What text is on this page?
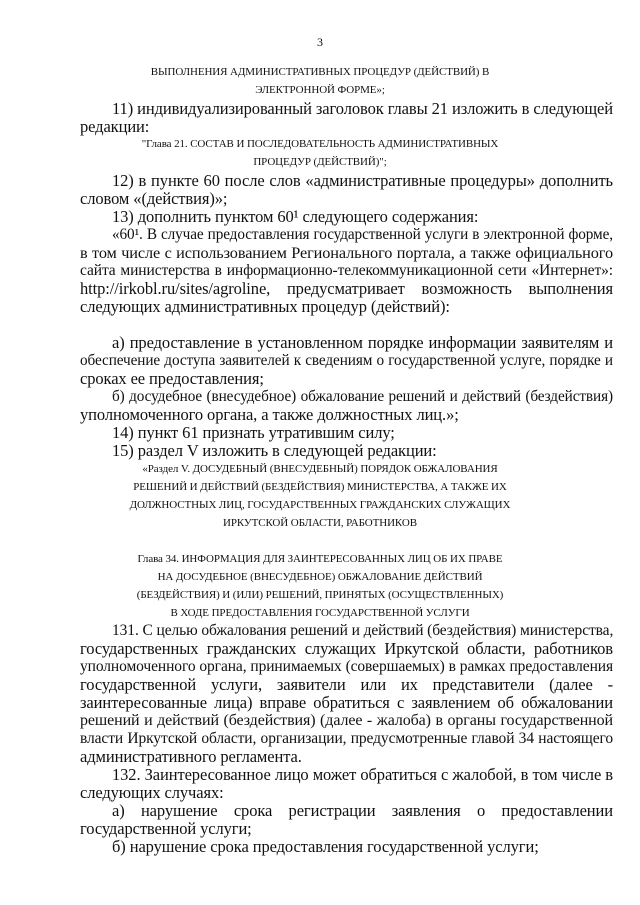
3
ВЫПОЛНЕНИЯ АДМИНИСТРАТИВНЫХ ПРОЦЕДУР (ДЕЙСТВИЙ) В
ЭЛЕКТРОННОЙ ФОРМЕ»;
11) индивидуализированный заголовок главы 21 изложить в следующей
редакции:
"Глава 21. СОСТАВ И ПОСЛЕДОВАТЕЛЬНОСТЬ АДМИНИСТРАТИВНЫХ
ПРОЦЕДУР (ДЕЙСТВИЙ)";
12) в пункте 60 после слов «административные процедуры» дополнить
словом «(действия)»;
13) дополнить пунктом 60¹ следующего содержания:
«60¹. В случае предоставления государственной услуги в электронной форме,
в том числе с использованием Регионального портала, а также официального
сайта министерства в информационно-телекоммуникационной сети «Интернет»:
http://irkobl.ru/sites/agroline, предусматривает возможность выполнения
следующих административных процедур (действий):
а) предоставление в установленном порядке информации заявителям и
обеспечение доступа заявителей к сведениям о государственной услуге, порядке и
сроках ее предоставления;
б) досудебное (внесудебное) обжалование решений и действий (бездействия)
уполномоченного органа, а также должностных лиц.»;
14) пункт 61 признать утратившим силу;
15) раздел V изложить в следующей редакции:
«Раздел V. ДОСУДЕБНЫЙ (ВНЕСУДЕБНЫЙ) ПОРЯДОК ОБЖАЛОВАНИЯ
РЕШЕНИЙ И ДЕЙСТВИЙ (БЕЗДЕЙСТВИЯ) МИНИСТЕРСТВА, А ТАКЖЕ ИХ
ДОЛЖНОСТНЫХ ЛИЦ, ГОСУДАРСТВЕННЫХ ГРАЖДАНСКИХ СЛУЖАЩИХ
ИРКУТСКОЙ ОБЛАСТИ, РАБОТНИКОВ
Глава 34. ИНФОРМАЦИЯ ДЛЯ ЗАИНТЕРЕСОВАННЫХ ЛИЦ ОБ ИХ ПРАВЕ
НА ДОСУДЕБНОЕ (ВНЕСУДЕБНОЕ) ОБЖАЛОВАНИЕ ДЕЙСТВИЙ
(БЕЗДЕЙСТВИЯ) И (ИЛИ) РЕШЕНИЙ, ПРИНЯТЫХ (ОСУЩЕСТВЛЕННЫХ)
В ХОДЕ ПРЕДОСТАВЛЕНИЯ ГОСУДАРСТВЕННОЙ УСЛУГИ
131. С целью обжалования решений и действий (бездействия) министерства,
государственных гражданских служащих Иркутской области, работников
уполномоченного органа, принимаемых (совершаемых) в рамках предоставления
государственной услуги, заявители или их представители (далее -
заинтересованные лица) вправе обратиться с заявлением об обжаловании
решений и действий (бездействия) (далее - жалоба) в органы государственной
власти Иркутской области, организации, предусмотренные главой 34 настоящего
административного регламента.
132. Заинтересованное лицо может обратиться с жалобой, в том числе в
следующих случаях:
а) нарушение срока регистрации заявления о предоставлении
государственной услуги;
б) нарушение срока предоставления государственной услуги;
